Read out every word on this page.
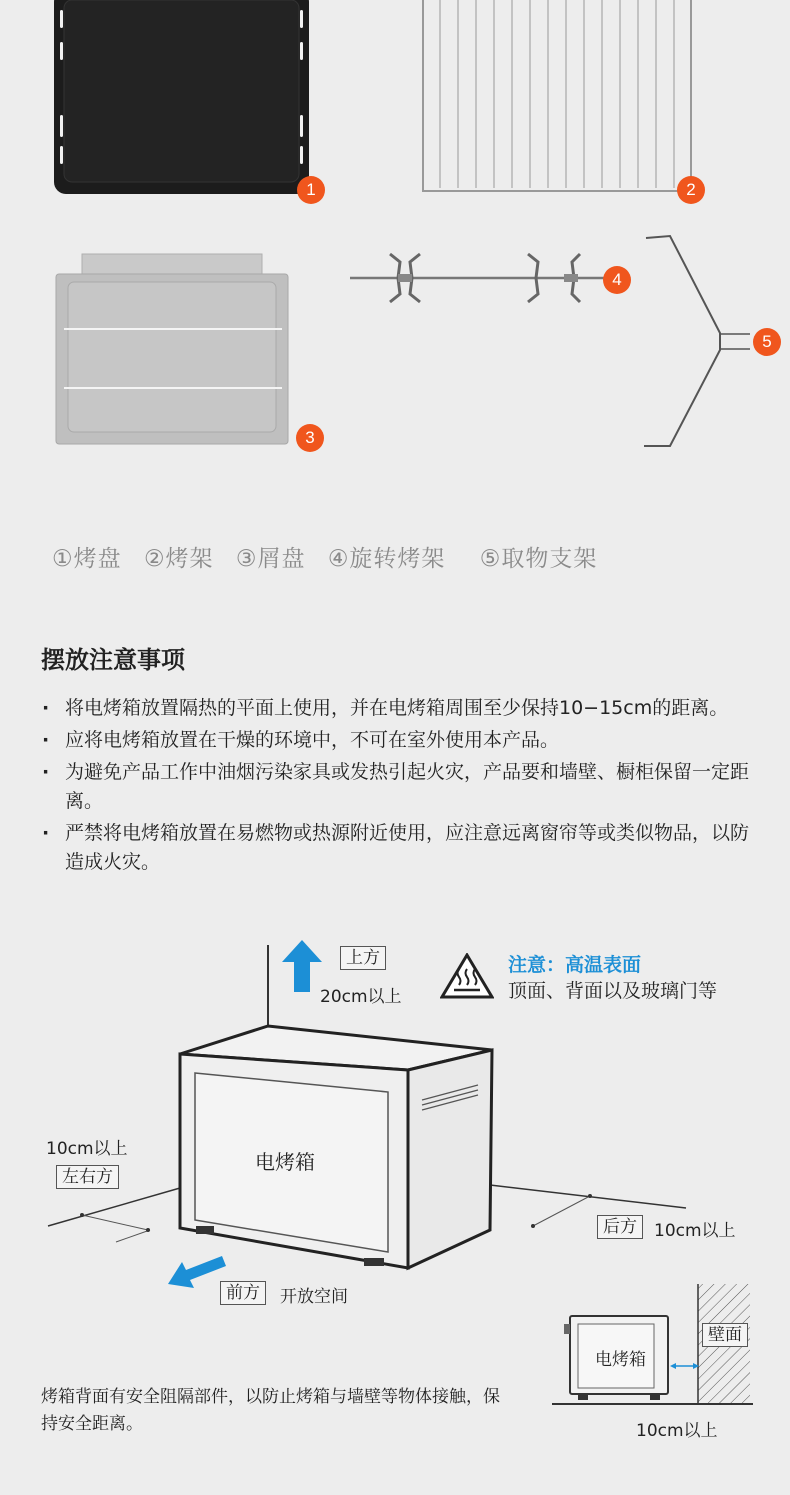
1	2
3
4
5
①烤盘 ②烤架 ③屑盘 ④旋转烤架 ⑤取物支架
摆放注意事项
· 将电烤箱放置隔热的平面上使用，并在电烤箱周围至少保持10−15cm的距离。
· 应将电烤箱放置在干燥的环境中，不可在室外使用本产品。
· 为避免产品工作中油烟污染家具或发热引起火灾，产品要和墙壁、橱柜保留一定距离。
· 严禁将电烤箱放置在易燃物或热源附近使用，应注意远离窗帘等或类似物品，以防造成火灾。
上方
20cm以上
注意：高温表面
顶面、背面以及玻璃门等
电烤箱
10cm以上
左右方
后方	10cm以上
前方	开放空间
壁面
电烤箱
10cm以上
烤箱背面有安全阻隔部件，以防止烤箱与墙壁等物体接触，保持安全距离。
